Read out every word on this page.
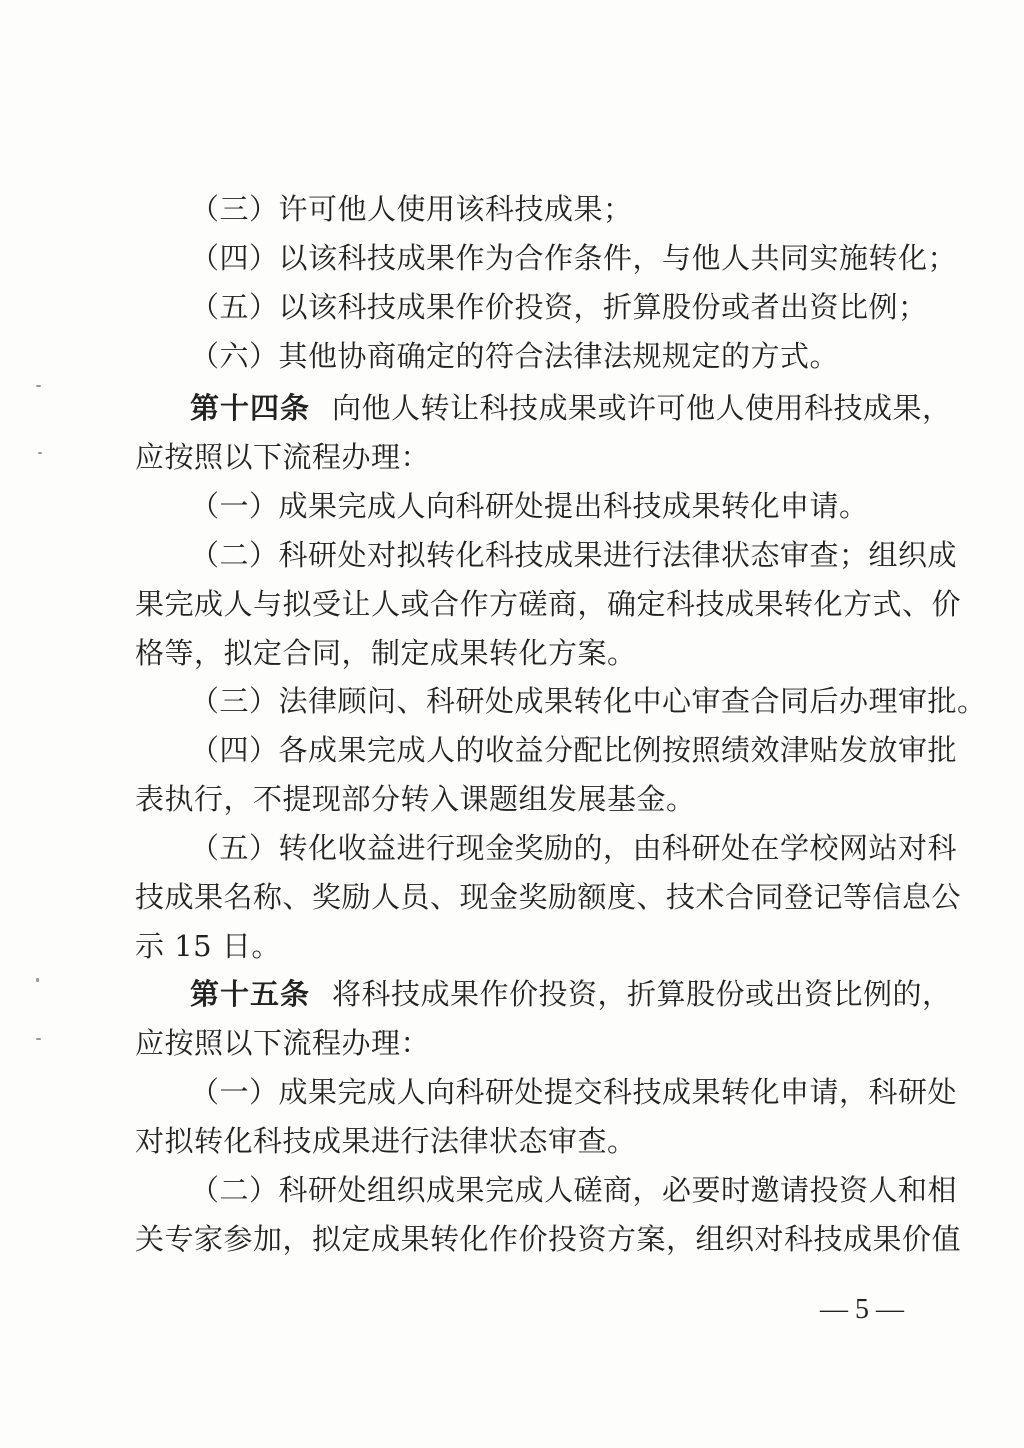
（三）许可他人使用该科技成果；
（四）以该科技成果作为合作条件，与他人共同实施转化；
（五）以该科技成果作价投资，折算股份或者出资比例；
（六）其他协商确定的符合法律法规规定的方式。
第十四条 向他人转让科技成果或许可他人使用科技成果，
应按照以下流程办理：
（一）成果完成人向科研处提出科技成果转化申请。
（二）科研处对拟转化科技成果进行法律状态审查；组织成
果完成人与拟受让人或合作方磋商，确定科技成果转化方式、价
格等，拟定合同，制定成果转化方案。
（三）法律顾问、科研处成果转化中心审查合同后办理审批。
（四）各成果完成人的收益分配比例按照绩效津贴发放审批
表执行，不提现部分转入课题组发展基金。
（五）转化收益进行现金奖励的，由科研处在学校网站对科
技成果名称、奖励人员、现金奖励额度、技术合同登记等信息公
示 15 日。
第十五条 将科技成果作价投资，折算股份或出资比例的，
应按照以下流程办理：
（一）成果完成人向科研处提交科技成果转化申请，科研处
对拟转化科技成果进行法律状态审查。
（二）科研处组织成果完成人磋商，必要时邀请投资人和相
关专家参加，拟定成果转化作价投资方案，组织对科技成果价值
— 5 —
